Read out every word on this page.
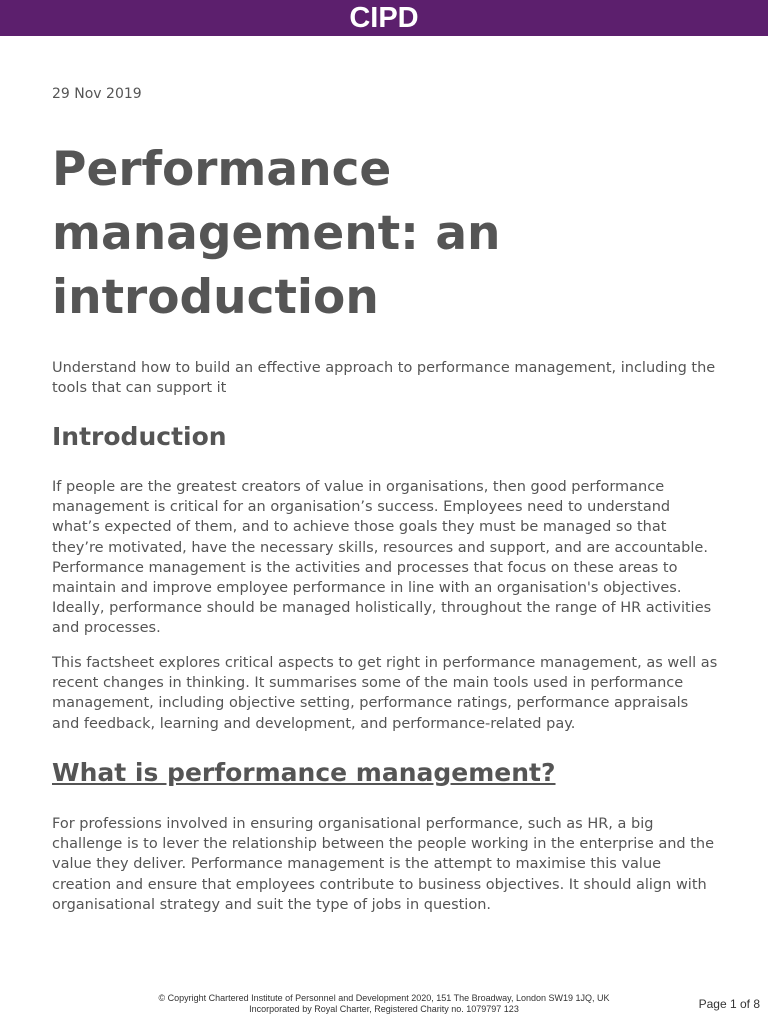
CIPD
29 Nov 2019
Performance management: an introduction

Understand how to build an effective approach to performance management, including the tools that can support it

Introduction

If people are the greatest creators of value in organisations, then good performance management is critical for an organisation’s success. Employees need to understand what’s expected of them, and to achieve those goals they must be managed so that they’re motivated, have the necessary skills, resources and support, and are accountable. Performance management is the activities and processes that focus on these areas to maintain and improve employee performance in line with an organisation's objectives. Ideally, performance should be managed holistically, throughout the range of HR activities and processes.

This factsheet explores critical aspects to get right in performance management, as well as recent changes in thinking. It summarises some of the main tools used in performance management, including objective setting, performance ratings, performance appraisals and feedback, learning and development, and performance-related pay.

What is performance management?

For professions involved in ensuring organisational performance, such as HR, a big challenge is to lever the relationship between the people working in the enterprise and the value they deliver. Performance management is the attempt to maximise this value creation and ensure that employees contribute to business objectives. It should align with organisational strategy and suit the type of jobs in question.

© Copyright Chartered Institute of Personnel and Development 2020, 151 The Broadway, London SW19 1JQ, UK
Incorporated by Royal Charter, Registered Charity no. 1079797 123	Page 1 of 8
